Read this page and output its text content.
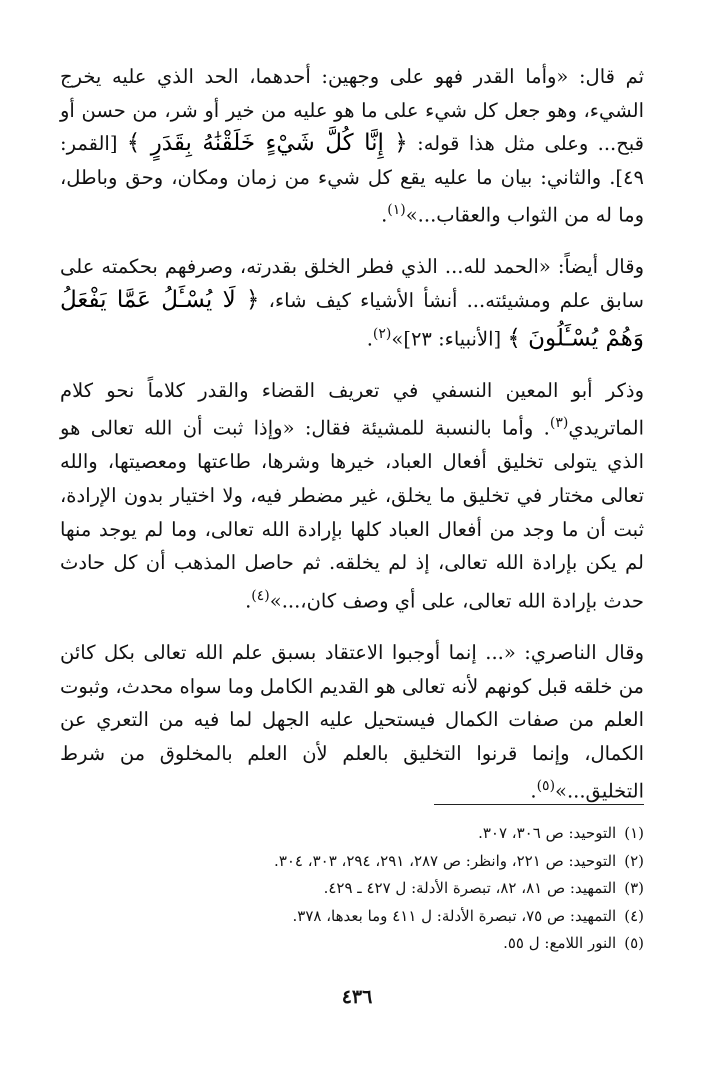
ثم قال: «وأما القدر فهو على وجهين: أحدهما، الحد الذي عليه يخرج الشيء، وهو جعل كل شيء على ما هو عليه من خير أو شر، من حسن أو قبح... وعلى مثل هذا قوله: ﴿ إِنَّا كُلَّ شَيْءٍ خَلَقْنَٰهُ بِقَدَرٍ ﴾ [القمر: ٤٩]. والثاني: بيان ما عليه يقع كل شيء من زمان ومكان، وحق وباطل، وما له من الثواب والعقاب...»$^{(١)}$.

وقال أيضاً: «الحمد لله... الذي فطر الخلق بقدرته، وصرفهم بحكمته على سابق علم ومشيئته... أنشأ الأشياء كيف شاء، ﴿ لَا يُسْـَٔلُ عَمَّا يَفْعَلُ وَهُمْ يُسْـَٔلُونَ ﴾ [الأنبياء: ٢٣]»$^{(٢)}$.

وذكر أبو المعين النسفي في تعريف القضاء والقدر كلاماً نحو كلام الماتريدي$^{(٣)}$. وأما بالنسبة للمشيئة فقال: «وإذا ثبت أن الله تعالى هو الذي يتولى تخليق أفعال العباد، خيرها وشرها، طاعتها ومعصيتها، والله تعالى مختار في تخليق ما يخلق، غير مضطر فيه، ولا اختيار بدون الإرادة، ثبت أن ما وجد من أفعال العباد كلها بإرادة الله تعالى، وما لم يوجد منها لم يكن بإرادة الله تعالى، إذ لم يخلقه. ثم حاصل المذهب أن كل حادث حدث بإرادة الله تعالى، على أي وصف كان،...»$^{(٤)}$.

وقال الناصري: «... إنما أوجبوا الاعتقاد بسبق علم الله تعالى بكل كائن من خلقه قبل كونهم لأنه تعالى هو القديم الكامل وما سواه محدث، وثبوت العلم من صفات الكمال فيستحيل عليه الجهل لما فيه من التعري عن الكمال، وإنما قرنوا التخليق بالعلم لأن العلم بالمخلوق من شرط التخليق...»$^{(٥)}$.

(١)التوحيد: ص ٣٠٦، ٣٠٧.
(٢)التوحيد: ص ٢٢١، وانظر: ص ٢٨٧، ٢٩١، ٢٩٤، ٣٠٣، ٣٠٤.
(٣)التمهيد: ص ٨١، ٨٢، تبصرة الأدلة: ل ٤٢٧ ـ ٤٢٩.
(٤)التمهيد: ص ٧٥، تبصرة الأدلة: ل ٤١١ وما بعدها، ٣٧٨.
(٥)النور اللامع: ل ٥٥.
٤٣٦
